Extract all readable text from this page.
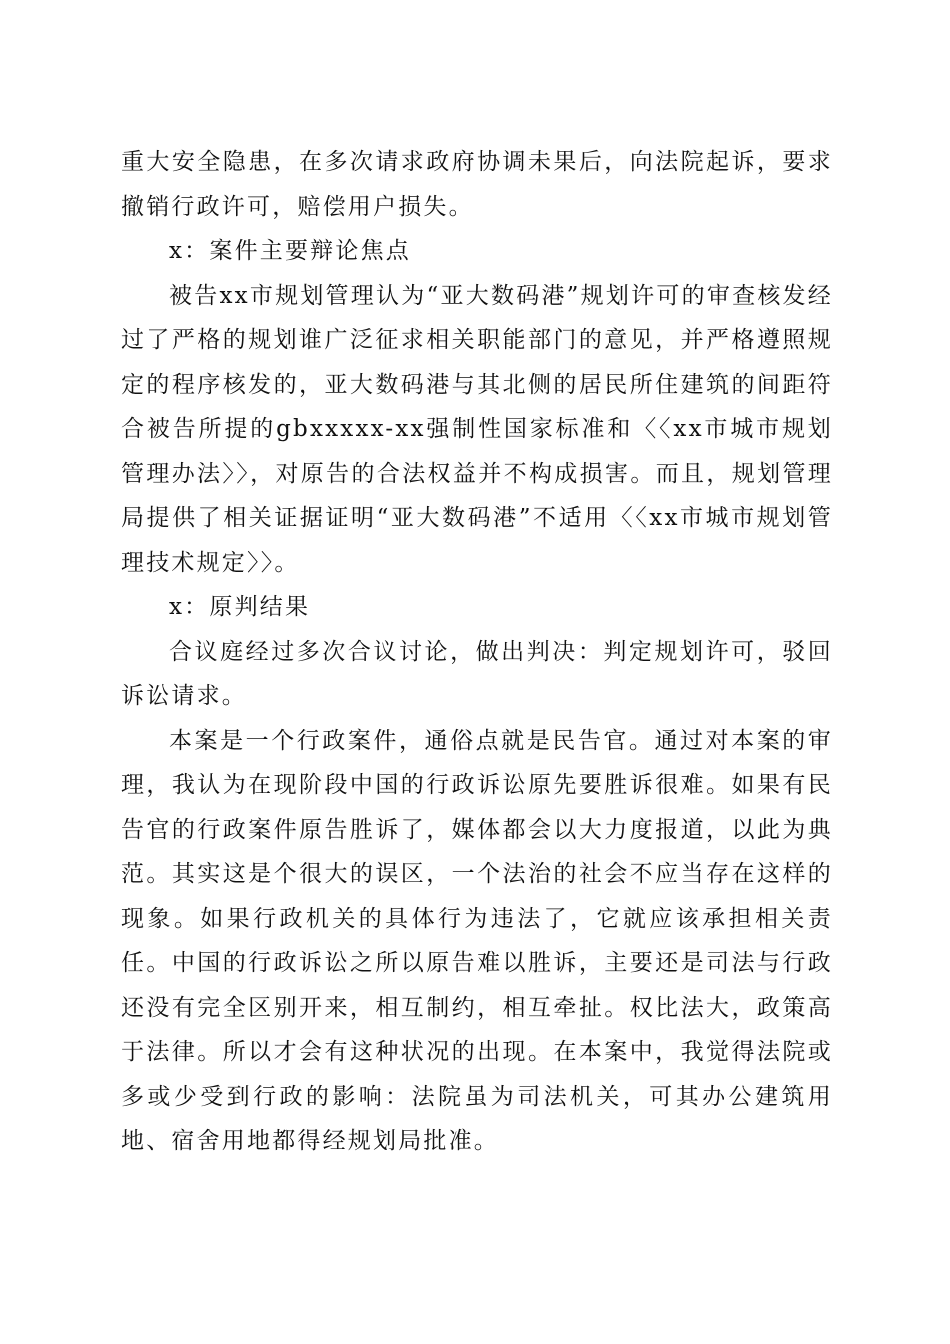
重大安全隐患，在多次请求政府协调未果后，向法院起诉，要求撤销行政许可，赔偿用户损失。

x：案件主要辩论焦点

被告xx市规划管理认为“亚大数码港”规划许可的审查核发经过了严格的规划谁广泛征求相关职能部门的意见，并严格遵照规定的程序核发的，亚大数码港与其北侧的居民所住建筑的间距符合被告所提的gbxxxxx-xx强制性国家标准和〈〈xx市城市规划管理办法〉〉，对原告的合法权益并不构成损害。而且，规划管理局提供了相关证据证明“亚大数码港”不适用〈〈xx市城市规划管理技术规定〉〉。

x：原判结果

合议庭经过多次合议讨论，做出判决：判定规划许可，驳回诉讼请求。

本案是一个行政案件，通俗点就是民告官。通过对本案的审理，我认为在现阶段中国的行政诉讼原先要胜诉很难。如果有民告官的行政案件原告胜诉了，媒体都会以大力度报道，以此为典范。其实这是个很大的误区，一个法治的社会不应当存在这样的现象。如果行政机关的具体行为违法了，它就应该承担相关责任。中国的行政诉讼之所以原告难以胜诉，主要还是司法与行政还没有完全区别开来，相互制约，相互牵扯。权比法大，政策高于法律。所以才会有这种状况的出现。在本案中，我觉得法院或多或少受到行政的影响：法院虽为司法机关，可其办公建筑用地、宿舍用地都得经规划局批准。
